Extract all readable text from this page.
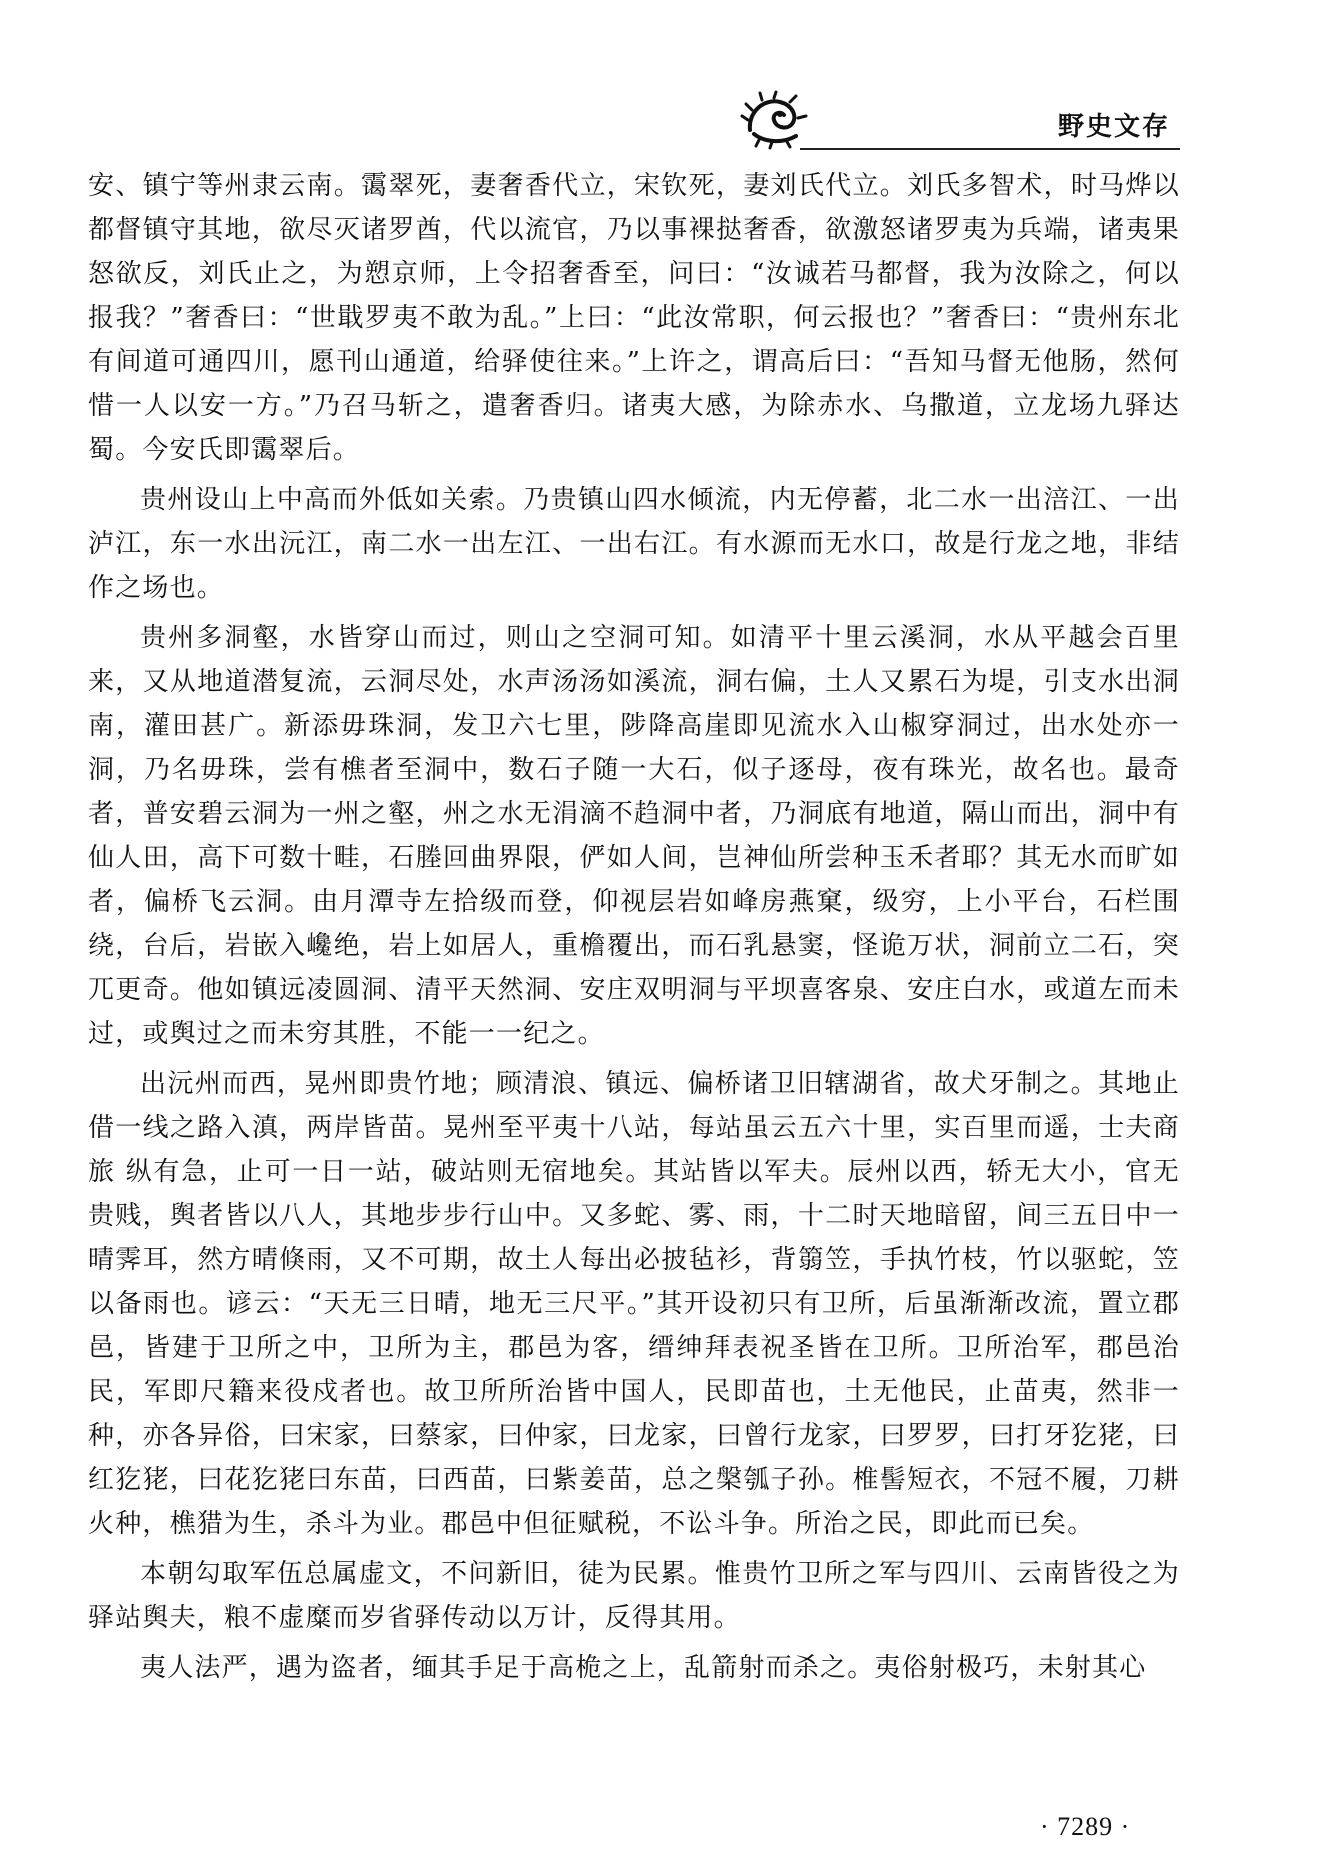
野史文存

安、镇宁等州隶云南。霭翠死，妻奢香代立，宋钦死，妻刘氏代立。刘氏多智术，时马烨以都督镇守其地，欲尽灭诸罗酋，代以流官，乃以事裸挞奢香，欲激怒诸罗夷为兵端，诸夷果怒欲反，刘氏止之，为愬京师，上令招奢香至，问曰：“汝诚若马都督，我为汝除之，何以报我？”奢香曰：“世戢罗夷不敢为乱。”上曰：“此汝常职，何云报也？”奢香曰：“贵州东北有间道可通四川，愿刊山通道，给驿使往来。”上许之，谓高后曰：“吾知马督无他肠，然何惜一人以安一方。”乃召马斩之，遣奢香归。诸夷大感，为除赤水、乌撒道，立龙场九驿达蜀。今安氏即霭翠后。

贵州设山上中高而外低如关索。乃贵镇山四水倾流，内无停蓄，北二水一出涪江、一出泸江，东一水出沅江，南二水一出左江、一出右江。有水源而无水口，故是行龙之地，非结作之场也。

贵州多洞壑，水皆穿山而过，则山之空洞可知。如清平十里云溪洞，水从平越会百里来，又从地道潜复流，云洞尽处，水声汤汤如溪流，洞右偏，土人又累石为堤，引支水出洞南，灌田甚广。新添毋珠洞，发卫六七里，陟降高崖即见流水入山椒穿洞过，出水处亦一洞，乃名毋珠，尝有樵者至洞中，数石子随一大石，似子逐母，夜有珠光，故名也。最奇者，普安碧云洞为一州之壑，州之水无涓滴不趋洞中者，乃洞底有地道，隔山而出，洞中有仙人田，高下可数十畦，石塍回曲界限，俨如人间，岂神仙所尝种玉禾者耶？其无水而旷如者，偏桥飞云洞。由月潭寺左拾级而登，仰视层岩如峰房燕窠，级穷，上小平台，石栏围绕，台后，岩嵌入巉绝，岩上如居人，重檐覆出，而石乳悬窦，怪诡万状，洞前立二石，突兀更奇。他如镇远凌圆洞、清平天然洞、安庄双明洞与平坝喜客泉、安庄白水，或道左而未过，或舆过之而未穷其胜，不能一一纪之。

出沅州而西，晃州即贵竹地；顾清浪、镇远、偏桥诸卫旧辖湖省，故犬牙制之。其地止借一线之路入滇，两岸皆苗。晃州至平夷十八站，每站虽云五六十里，实百里而遥，士夫商旅 纵有急，止可一日一站，破站则无宿地矣。其站皆以军夫。辰州以西，轿无大小，官无贵贱，舆者皆以八人，其地步步行山中。又多蛇、雾、雨，十二时天地暗留，间三五日中一晴霁耳，然方晴倏雨，又不可期，故土人每出必披毡衫，背篛笠，手执竹枝，竹以驱蛇，笠以备雨也。谚云：“天无三日晴，地无三尺平。”其开设初只有卫所，后虽渐渐改流，置立郡邑，皆建于卫所之中，卫所为主，郡邑为客，缙绅拜表祝圣皆在卫所。卫所治军，郡邑治民，军即尺籍来役戍者也。故卫所所治皆中国人，民即苗也，土无他民，止苗夷，然非一种，亦各异俗，曰宋家，曰蔡家，曰仲家，曰龙家，曰曾行龙家，曰罗罗，曰打牙犵狫，曰红犵狫，曰花犵狫曰东苗，曰西苗，曰紫姜苗，总之槃瓠子孙。椎髻短衣，不冠不履，刀耕火种，樵猎为生，杀斗为业。郡邑中但征赋税，不讼斗争。所治之民，即此而已矣。

本朝勾取军伍总属虚文，不问新旧，徒为民累。惟贵竹卫所之军与四川、云南皆役之为驿站舆夫，粮不虚糜而岁省驿传动以万计，反得其用。

夷人法严，遇为盗者，缅其手足于高桅之上，乱箭射而杀之。夷俗射极巧，未射其心

· 7289 ·
